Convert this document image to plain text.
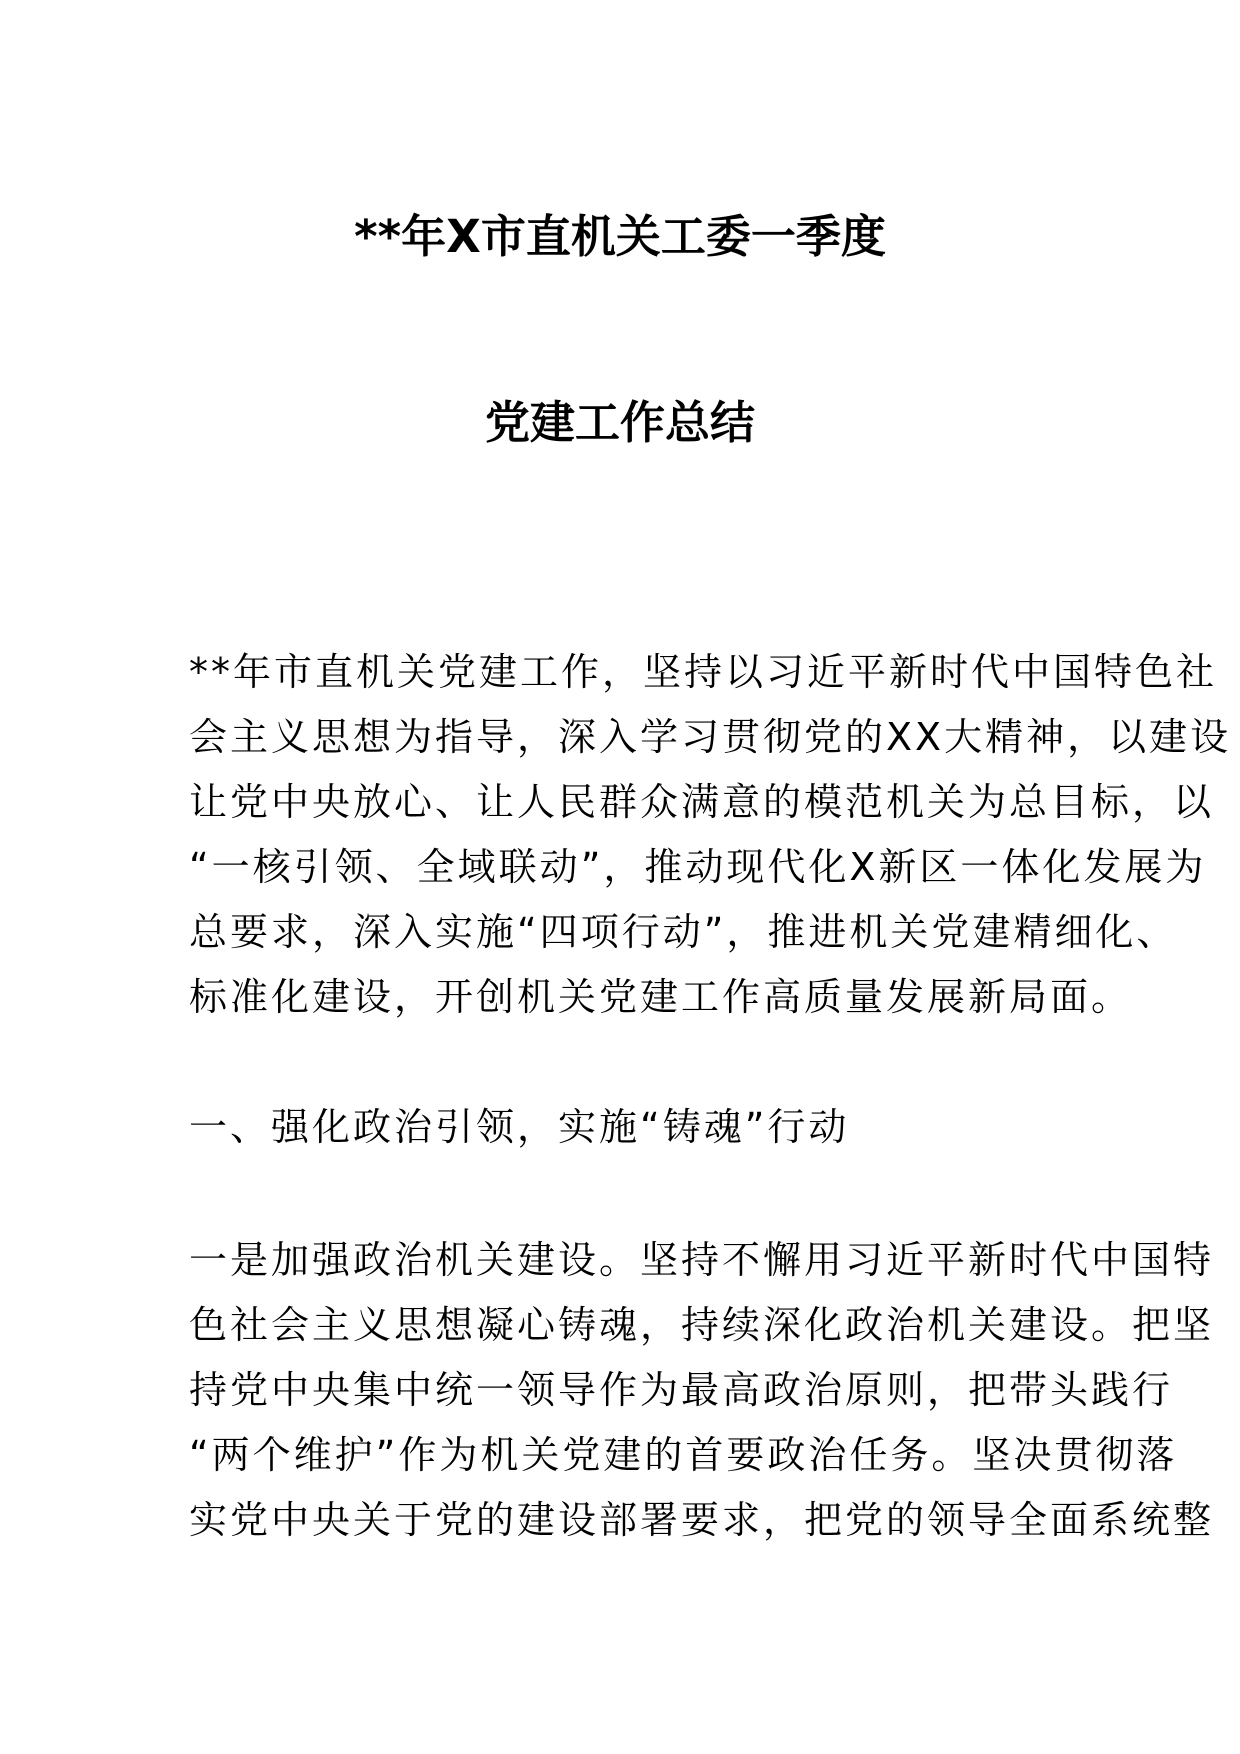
**年X市直机关工委一季度
党建工作总结
**年市直机关党建工作，坚持以习近平新时代中国特色社
会主义思想为指导，深入学习贯彻党的XX大精神，以建设
让党中央放心、让人民群众满意的模范机关为总目标，以
“一核引领、全域联动”，推动现代化X新区一体化发展为
总要求，深入实施“四项行动”，推进机关党建精细化、
标准化建设，开创机关党建工作高质量发展新局面。
一、强化政治引领，实施“铸魂”行动
一是加强政治机关建设。坚持不懈用习近平新时代中国特
色社会主义思想凝心铸魂，持续深化政治机关建设。把坚
持党中央集中统一领导作为最高政治原则，把带头践行
“两个维护”作为机关党建的首要政治任务。坚决贯彻落
实党中央关于党的建设部署要求，把党的领导全面系统整
